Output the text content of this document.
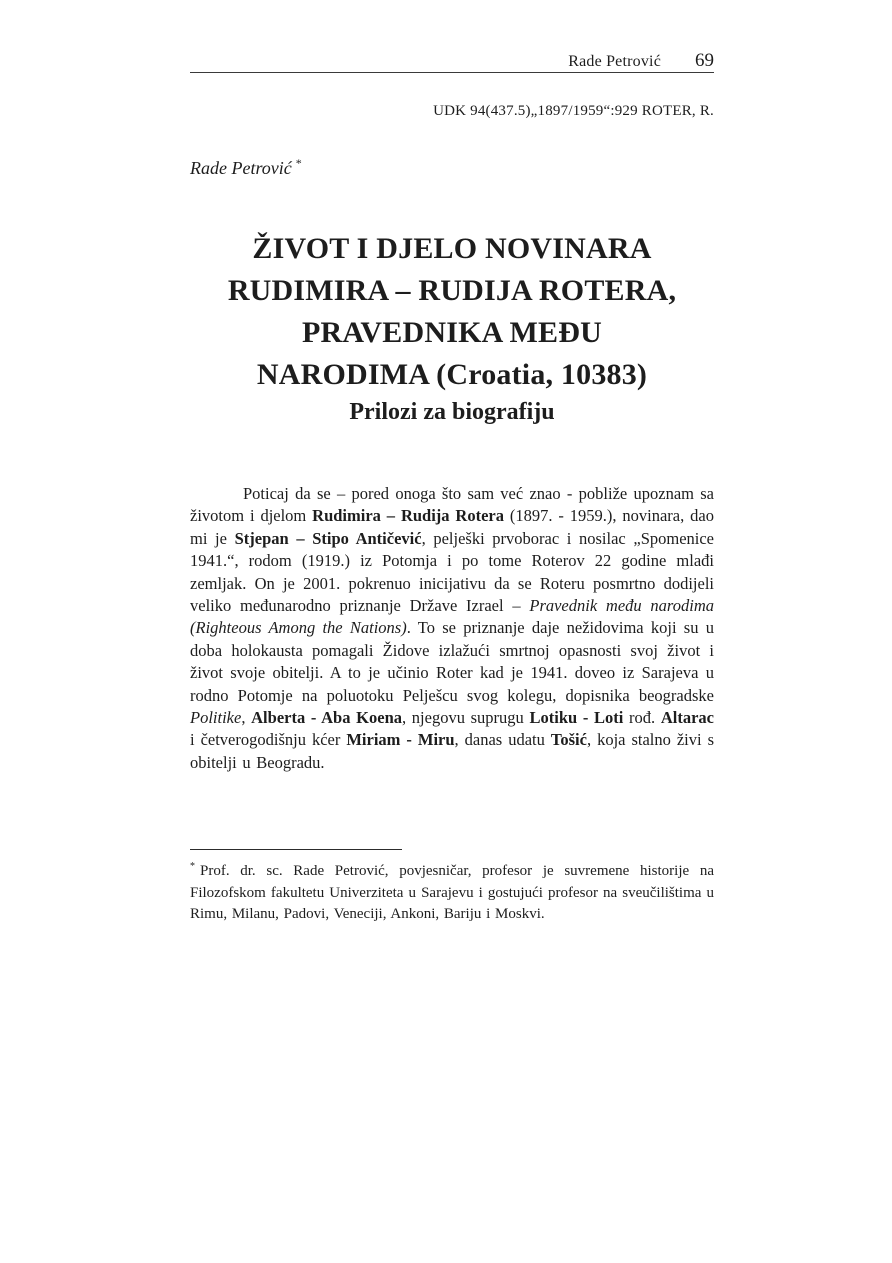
Rade Petrović 69
UDK 94(437.5)„1897/1959“:929 ROTER, R.
Rade Petrović *
ŽIVOT I DJELO NOVINARA
RUDIMIRA – RUDIJA ROTERA,
PRAVEDNIKA MEĐU
NARODIMA (Croatia, 10383)
Prilozi za biografiju

Poticaj da se – pored onoga što sam već znao - pobliže upoznam sa životom i djelom Rudimira – Rudija Rotera (1897. - 1959.), novinara, dao mi je Stjepan – Stipo Antičević, pelješki prvoborac i nosilac „Spomenice 1941.“, rodom (1919.) iz Potomja i po tome Roterov 22 godine mlađi zemljak. On je 2001. pokrenuo inicijativu da se Roteru posmrtno dodijeli veliko međunarodno priznanje Države Izrael – Pravednik među narodima (Righteous Among the Nations). To se priznanje daje nežidovima koji su u doba holokausta pomagali Židove izlažući smrtnoj opasnosti svoj život i život svoje obitelji. A to je učinio Roter kad je 1941. doveo iz Sarajeva u rodno Potomje na poluotoku Pelješcu svog kolegu, dopisnika beogradske Politike, Alberta - Aba Koena, njegovu suprugu Lotiku - Loti rođ. Altarac i četverogodišnju kćer Miriam - Miru, danas udatu Tošić, koja stalno živi s obitelji u Beogradu.

* Prof. dr. sc. Rade Petrović, povjesničar, profesor je suvremene historije na Filozofskom fakultetu Univerziteta u Sarajevu i gostujući profesor na sveučilištima u Rimu, Milanu, Padovi, Veneciji, Ankoni, Bariju i Moskvi.
